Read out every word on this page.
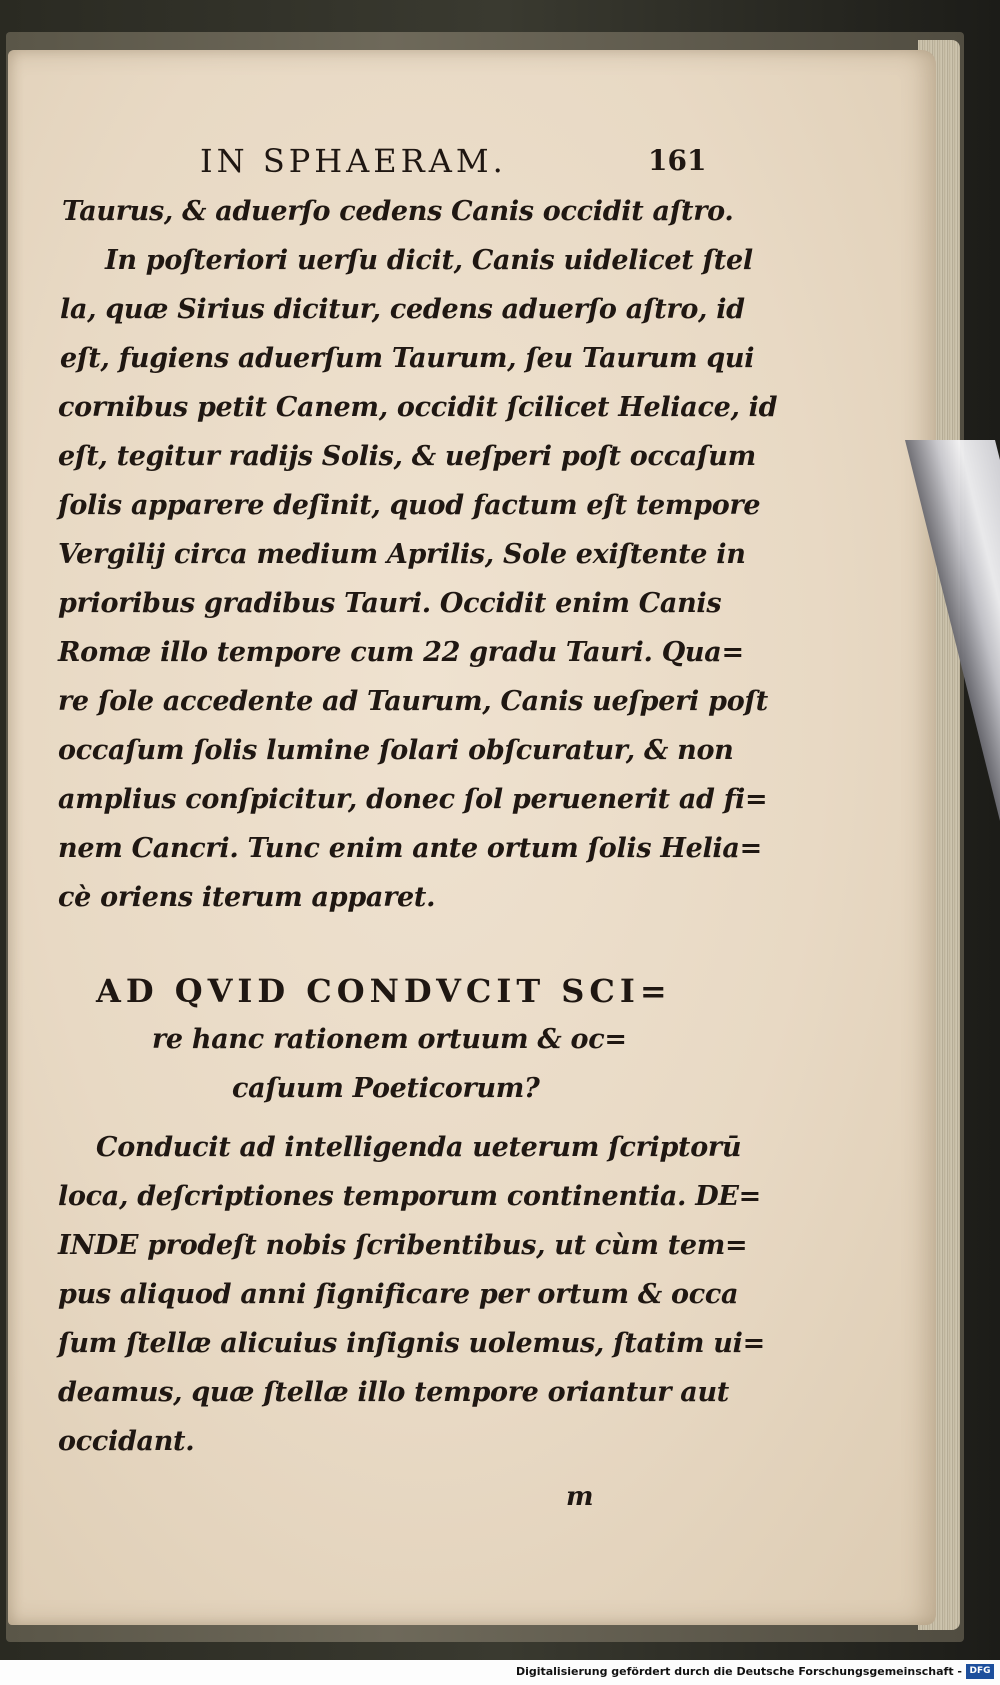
IN SPHAERAM.	161
Taurus, & aduerſo cedens Canis occidit aſtro.
In poſteriori uerſu dicit, Canis uidelicet ſtel
la, quæ Sirius dicitur, cedens aduerſo aſtro, id
eſt, fugiens aduerſum Taurum, ſeu Taurum qui
cornibus petit Canem, occidit ſcilicet Heliace, id
eſt, tegitur radijs Solis, & ueſperi poſt occaſum
ſolis apparere deſinit, quod factum eſt tempore
Vergilij circa medium Aprilis, Sole exiſtente in
prioribus gradibus Tauri. Occidit enim Canis
Romæ illo tempore cum 22 gradu Tauri. Qua=
re ſole accedente ad Taurum, Canis ueſperi poſt
occaſum ſolis lumine ſolari obſcuratur, & non
amplius conſpicitur, donec ſol peruenerit ad fi=
nem Cancri. Tunc enim ante ortum ſolis Helia=
cè oriens iterum apparet.
AD QVID CONDVCIT SCI=
re hanc rationem ortuum & oc=
caſuum Poeticorum?
Conducit ad intelligenda ueterum ſcriptorū
loca, deſcriptiones temporum continentia. DE=
INDE prodeſt nobis ſcribentibus, ut cùm tem=
pus aliquod anni ſignificare per ortum & occa
ſum ſtellæ alicuius inſignis uolemus, ſtatim ui=
deamus, quæ ſtellæ illo tempore oriantur aut
occidant.
m
Digitalisierung gefördert durch die Deutsche Forschungsgemeinschaft - DFG
